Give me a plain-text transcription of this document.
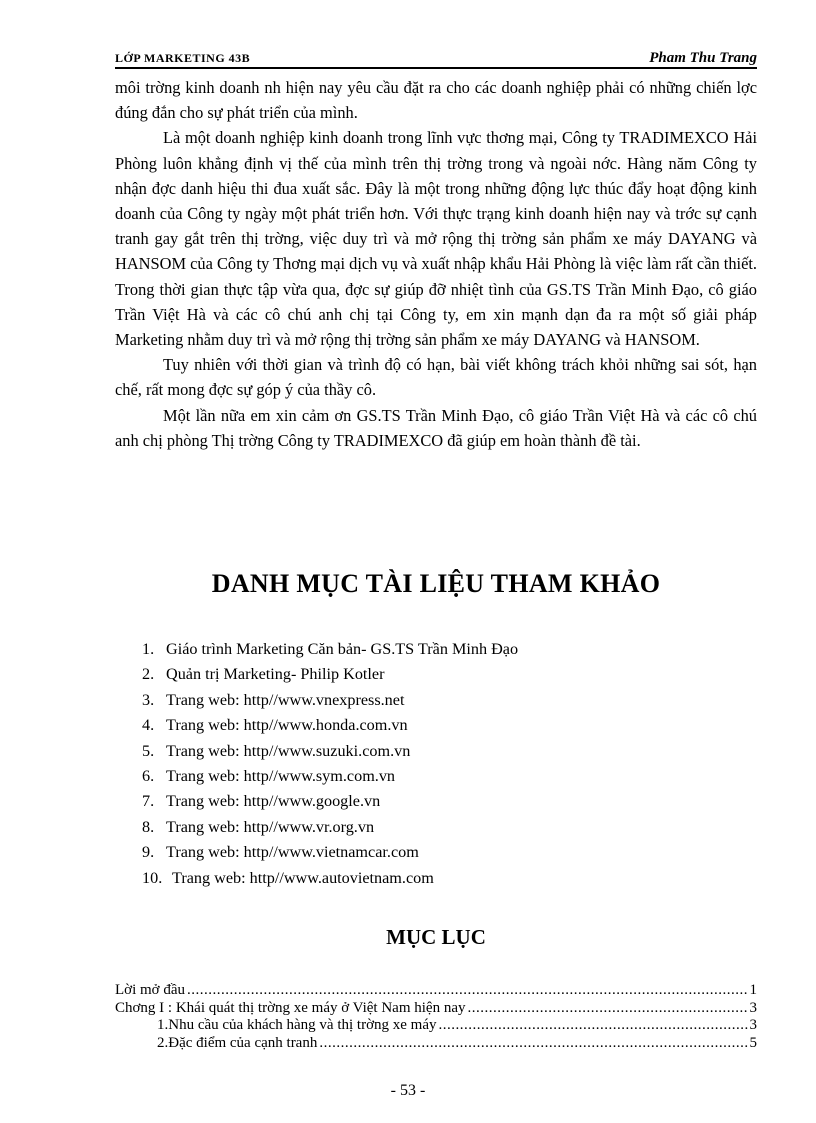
LỚP MARKETING 43B	Pham Thu Trang

môi trờng kinh doanh nh hiện nay yêu cầu đặt ra cho các doanh nghiệp phải có những chiến lợc đúng đắn cho sự phát triển của mình.

Là một doanh nghiệp kinh doanh trong lĩnh vực thơng mại, Công ty TRADIMEXCO Hải Phòng luôn khẳng định vị thế của mình trên thị trờng trong và ngoài nớc. Hàng năm Công ty nhận đợc danh hiệu thi đua xuất sắc. Đây là một trong những động lực thúc đẩy hoạt động kinh doanh của Công ty ngày một phát triển hơn. Với thực trạng kinh doanh hiện nay và trớc sự cạnh tranh gay gắt trên thị trờng, việc duy trì và mở rộng thị trờng sản phẩm xe máy DAYANG và HANSOM của Công ty Thơng mại dịch vụ và xuất nhập khẩu Hải Phòng là việc làm rất cần thiết. Trong thời gian thực tập vừa qua, đợc sự giúp đỡ nhiệt tình của GS.TS Trần Minh Đạo, cô giáo Trần Việt Hà và các cô chú anh chị tại Công ty, em xin mạnh dạn đa ra một số giải pháp Marketing nhằm duy trì và mở rộng thị trờng sản phẩm xe máy DAYANG và HANSOM.

Tuy nhiên với thời gian và trình độ có hạn, bài viết không trách khỏi những sai sót, hạn chế, rất mong đợc sự góp ý của thầy cô.

Một lần nữa em xin cảm ơn GS.TS Trần Minh Đạo, cô giáo Trần Việt Hà và các cô chú anh chị phòng Thị trờng Công ty TRADIMEXCO đã giúp em hoàn thành đề tài.

DANH MỤC TÀI LIỆU THAM KHẢO
1. Giáo trình Marketing Căn bản- GS.TS Trần Minh Đạo
2. Quản trị Marketing- Philip Kotler
3. Trang web: http//www.vnexpress.net
4. Trang web: http//www.honda.com.vn
5. Trang web: http//www.suzuki.com.vn
6. Trang web: http//www.sym.com.vn
7. Trang web: http//www.google.vn
8. Trang web: http//www.vr.org.vn
9. Trang web: http//www.vietnamcar.com
10. Trang web: http//www.autovietnam.com
MỤC LỤC
Lời mở đầu .....	1
Chơng I : Khái quát thị trờng xe máy ở Việt Nam hiện nay .....	3
1. Nhu cầu của khách hàng và thị trờng xe máy .....	3
2. Đặc điểm của cạnh tranh .....	5
- 53 -
